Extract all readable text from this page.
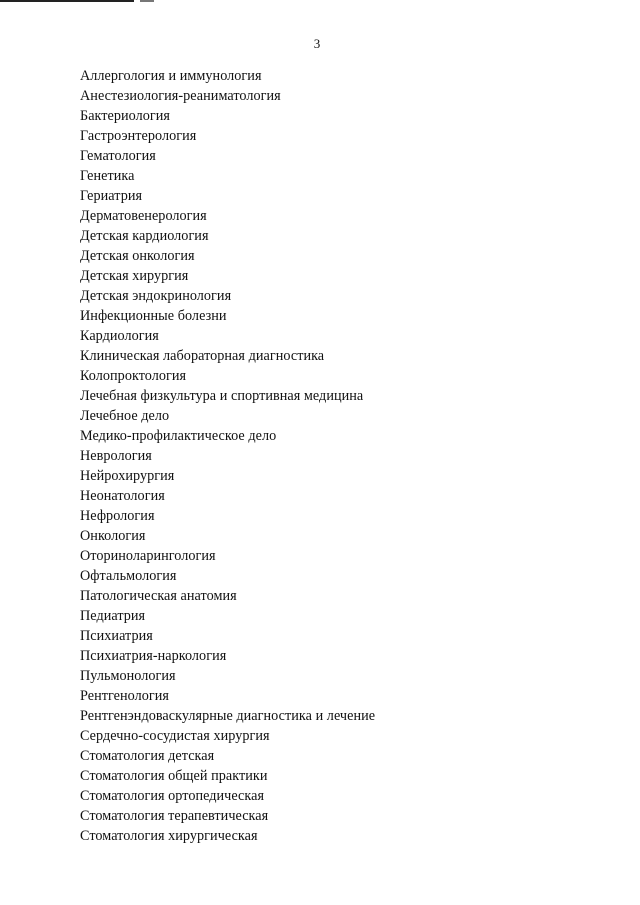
3
Аллергология и иммунология
Анестезиология-реаниматология
Бактериология
Гастроэнтерология
Гематология
Генетика
Гериатрия
Дерматовенерология
Детская кардиология
Детская онкология
Детская хирургия
Детская эндокринология
Инфекционные болезни
Кардиология
Клиническая лабораторная диагностика
Колопроктология
Лечебная физкультура и спортивная медицина
Лечебное дело
Медико-профилактическое дело
Неврология
Нейрохирургия
Неонатология
Нефрология
Онкология
Оториноларингология
Офтальмология
Патологическая анатомия
Педиатрия
Психиатрия
Психиатрия-наркология
Пульмонология
Рентгенология
Рентгенэндоваскулярные диагностика и лечение
Сердечно-сосудистая хирургия
Стоматология детская
Стоматология общей практики
Стоматология ортопедическая
Стоматология терапевтическая
Стоматология хирургическая
